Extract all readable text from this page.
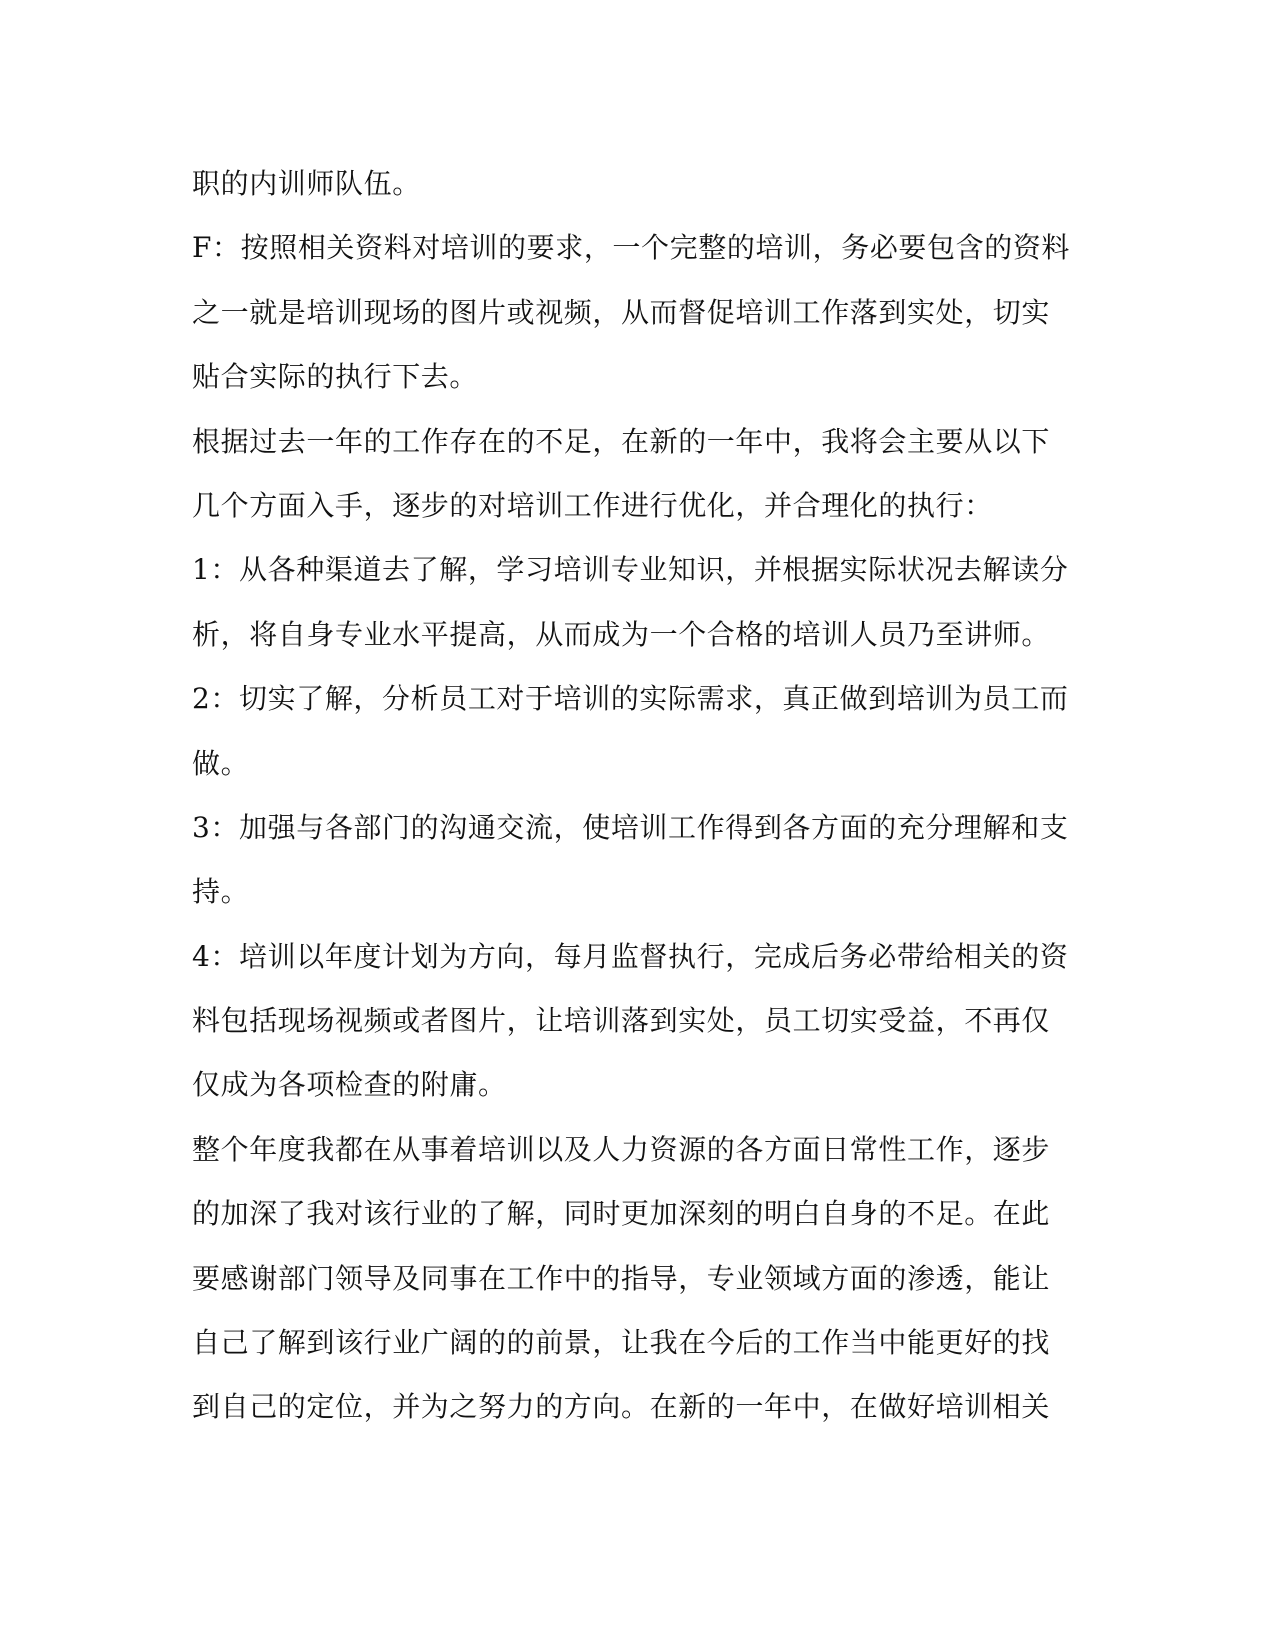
职的内训师队伍。
F：按照相关资料对培训的要求，一个完整的培训，务必要包含的资料
之一就是培训现场的图片或视频，从而督促培训工作落到实处，切实
贴合实际的执行下去。
根据过去一年的工作存在的不足，在新的一年中，我将会主要从以下
几个方面入手，逐步的对培训工作进行优化，并合理化的执行：
1：从各种渠道去了解，学习培训专业知识，并根据实际状况去解读分
析，将自身专业水平提高，从而成为一个合格的培训人员乃至讲师。
2：切实了解，分析员工对于培训的实际需求，真正做到培训为员工而
做。
3：加强与各部门的沟通交流，使培训工作得到各方面的充分理解和支
持。
4：培训以年度计划为方向，每月监督执行，完成后务必带给相关的资
料包括现场视频或者图片，让培训落到实处，员工切实受益，不再仅
仅成为各项检查的附庸。
整个年度我都在从事着培训以及人力资源的各方面日常性工作，逐步
的加深了我对该行业的了解，同时更加深刻的明白自身的不足。在此
要感谢部门领导及同事在工作中的指导，专业领域方面的渗透，能让
自己了解到该行业广阔的的前景，让我在今后的工作当中能更好的找
到自己的定位，并为之努力的方向。在新的一年中，在做好培训相关
